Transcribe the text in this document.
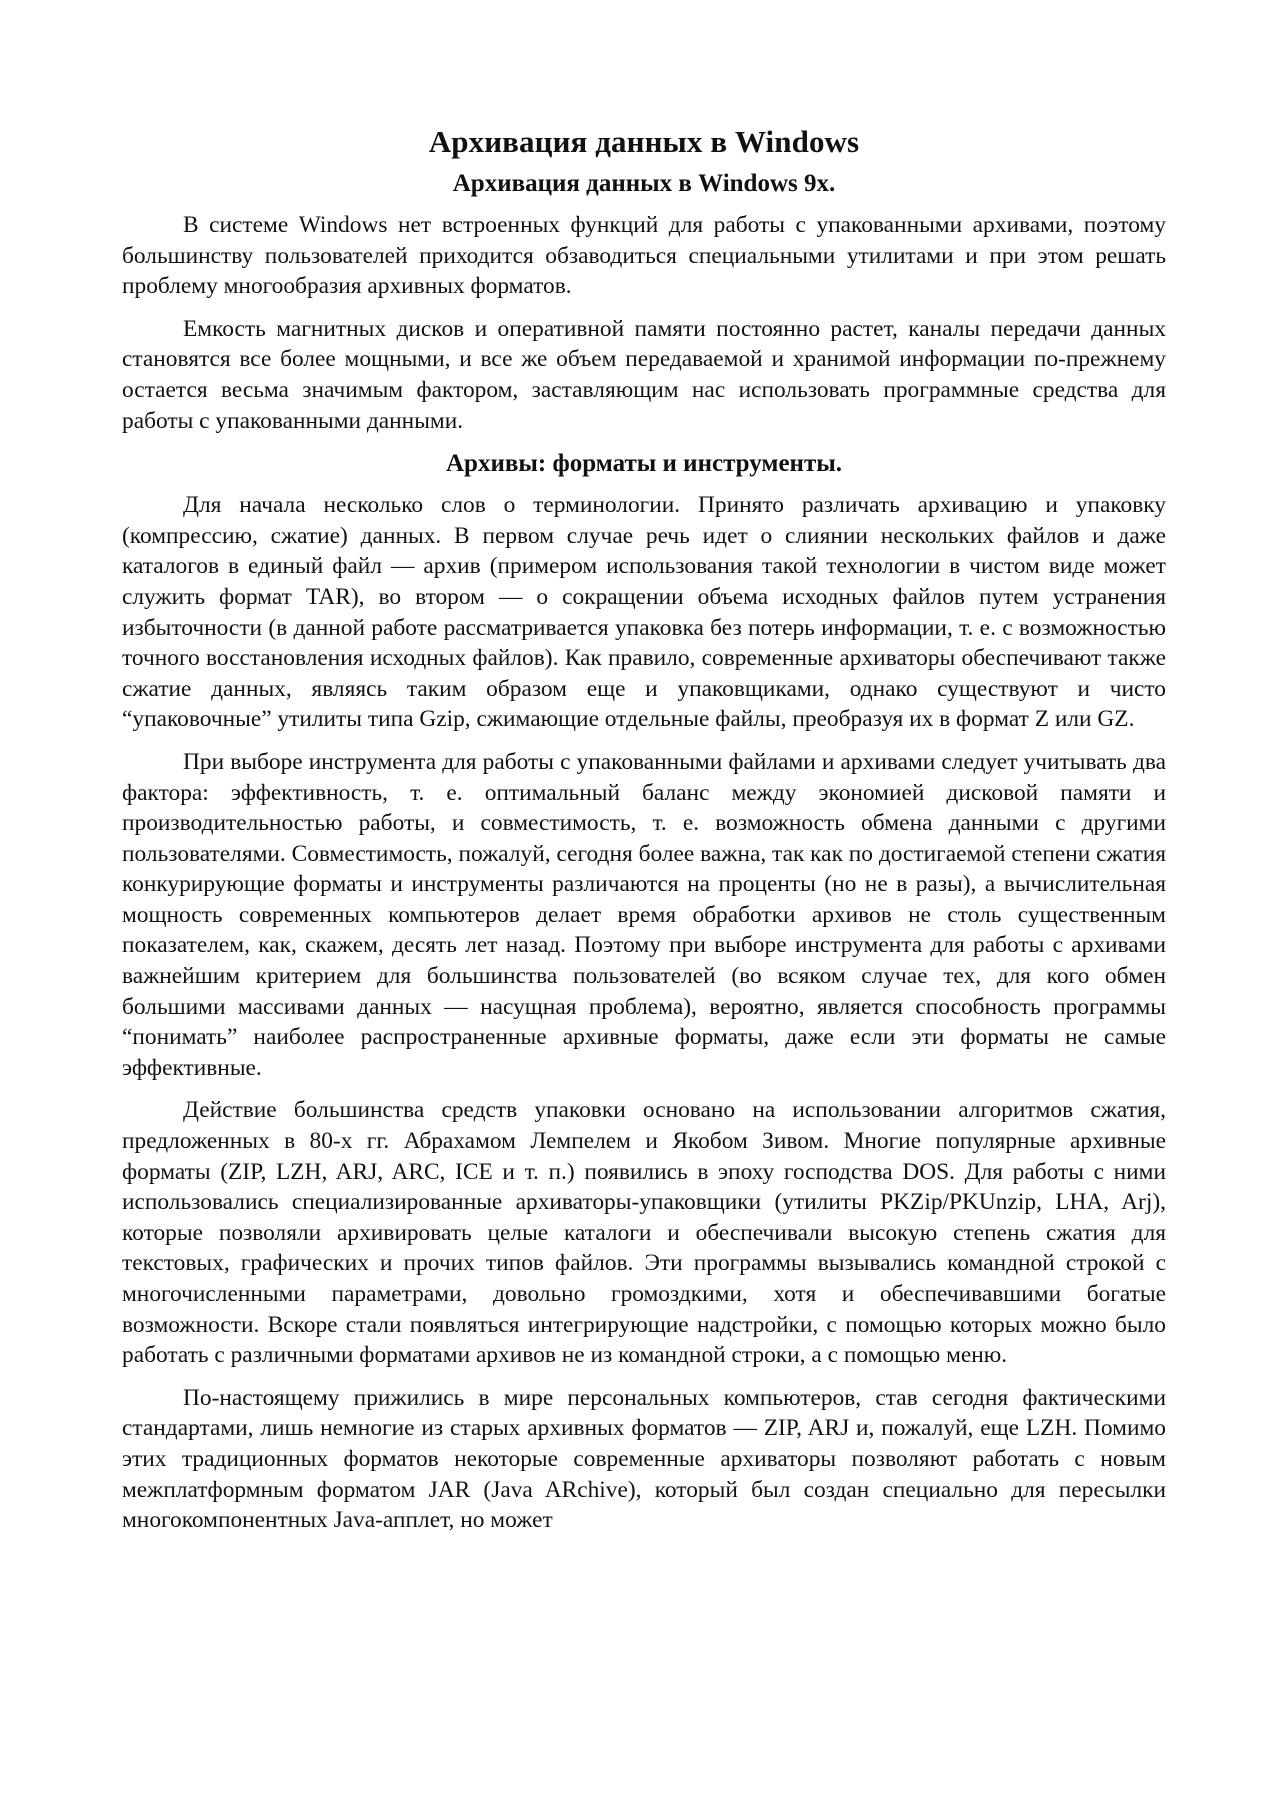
Архивация данных в Windows
Архивация данных в Windows 9x.

В системе Windows нет встроенных функций для работы с упакованными архивами, поэтому большинству пользователей приходится обзаводиться специальными утилитами и при этом решать проблему многообразия архивных форматов.

Емкость магнитных дисков и оперативной памяти постоянно растет, каналы передачи данных становятся все более мощными, и все же объем передаваемой и хранимой информации по-прежнему остается весьма значимым фактором, заставляющим нас использовать программные средства для работы с упакованными данными.

Архивы: форматы и инструменты.

Для начала несколько слов о терминологии. Принято различать архивацию и упаковку (компрессию, сжатие) данных. В первом случае речь идет о слиянии нескольких файлов и даже каталогов в единый файл — архив (примером использования такой технологии в чистом виде может служить формат TAR), во втором — о сокращении объема исходных файлов путем устранения избыточности (в данной работе рассматривается упаковка без потерь информации, т. е. с возможностью точного восстановления исходных файлов). Как правило, современные архиваторы обеспечивают также сжатие данных, являясь таким образом еще и упаковщиками, однако существуют и чисто “упаковочные” утилиты типа Gzip, сжимающие отдельные файлы, преобразуя их в формат Z или GZ.

При выборе инструмента для работы с упакованными файлами и архивами следует учитывать два фактора: эффективность, т. е. оптимальный баланс между экономией дисковой памяти и производительностью работы, и совместимость, т. е. возможность обмена данными с другими пользователями. Совместимость, пожалуй, сегодня более важна, так как по достигаемой степени сжатия конкурирующие форматы и инструменты различаются на проценты (но не в разы), а вычислительная мощность современных компьютеров делает время обработки архивов не столь существенным показателем, как, скажем, десять лет назад. Поэтому при выборе инструмента для работы с архивами важнейшим критерием для большинства пользователей (во всяком случае тех, для кого обмен большими массивами данных — насущная проблема), вероятно, является способность программы “понимать” наиболее распространенные архивные форматы, даже если эти форматы не самые эффективные.

Действие большинства средств упаковки основано на использовании алгоритмов сжатия, предложенных в 80-х гг. Абрахамом Лемпелем и Якобом Зивом. Многие популярные архивные форматы (ZIP, LZH, ARJ, ARC, ICE и т. п.) появились в эпоху господства DOS. Для работы с ними использовались специализированные архиваторы-упаковщики (утилиты PKZip/PKUnzip, LHA, Arj), которые позволяли архивировать целые каталоги и обеспечивали высокую степень сжатия для текстовых, графических и прочих типов файлов. Эти программы вызывались командной строкой с многочисленными параметрами, довольно громоздкими, хотя и обеспечивавшими богатые возможности. Вскоре стали появляться интегрирующие надстройки, с помощью которых можно было работать с различными форматами архивов не из командной строки, а с помощью меню.

По-настоящему прижились в мире персональных компьютеров, став сегодня фактическими стандартами, лишь немногие из старых архивных форматов — ZIP, ARJ и, пожалуй, еще LZH. Помимо этих традиционных форматов некоторые современные архиваторы позволяют работать с новым межплатформным форматом JAR (Java ARchive), который был создан специально для пересылки многокомпонентных Java-апплет, но может
